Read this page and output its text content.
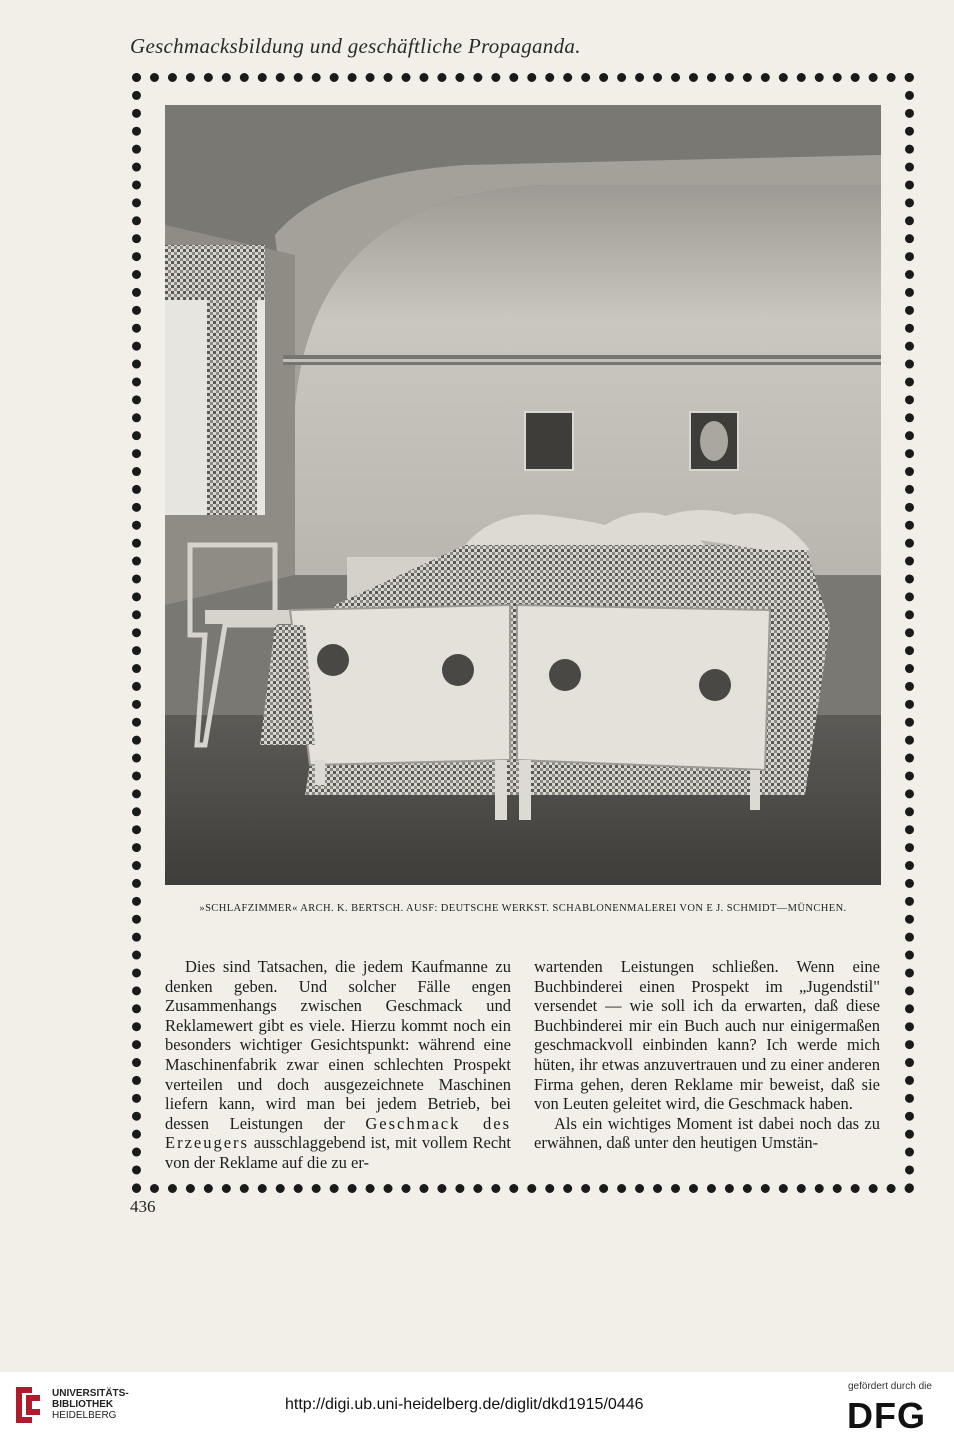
Geschmacksbildung und geschäftliche Propaganda.
»SCHLAFZIMMER« ARCH. K. BERTSCH. AUSF: DEUTSCHE WERKST. SCHABLONENMALEREI VON E J. SCHMIDT—MÜNCHEN.

Dies sind Tatsachen, die jedem Kaufmanne zu denken geben. Und solcher Fälle engen Zusammenhangs zwischen Geschmack und Reklamewert gibt es viele. Hierzu kommt noch ein besonders wichtiger Gesichtspunkt: während eine Maschinenfabrik zwar einen schlechten Prospekt verteilen und doch ausgezeichnete Maschinen liefern kann, wird man bei jedem Betrieb, bei dessen Leistungen der Geschmack des Erzeugers ausschlaggebend ist, mit vollem Recht von der Reklame auf die zu er-

wartenden Leistungen schließen. Wenn eine Buchbinderei einen Prospekt im „Jugendstil" versendet — wie soll ich da erwarten, daß diese Buchbinderei mir ein Buch auch nur einigermaßen geschmackvoll einbinden kann? Ich werde mich hüten, ihr etwas anzuvertrauen und zu einer anderen Firma gehen, deren Reklame mir beweist, daß sie von Leuten geleitet wird, die Geschmack haben.

Als ein wichtiges Moment ist dabei noch das zu erwähnen, daß unter den heutigen Umstän-

436
UNIVERSITÄTS-
BIBLIOTHEK
HEIDELBERG
http://digi.ub.uni-heidelberg.de/diglit/dkd1915/0446
gefördert durch die
DFG
